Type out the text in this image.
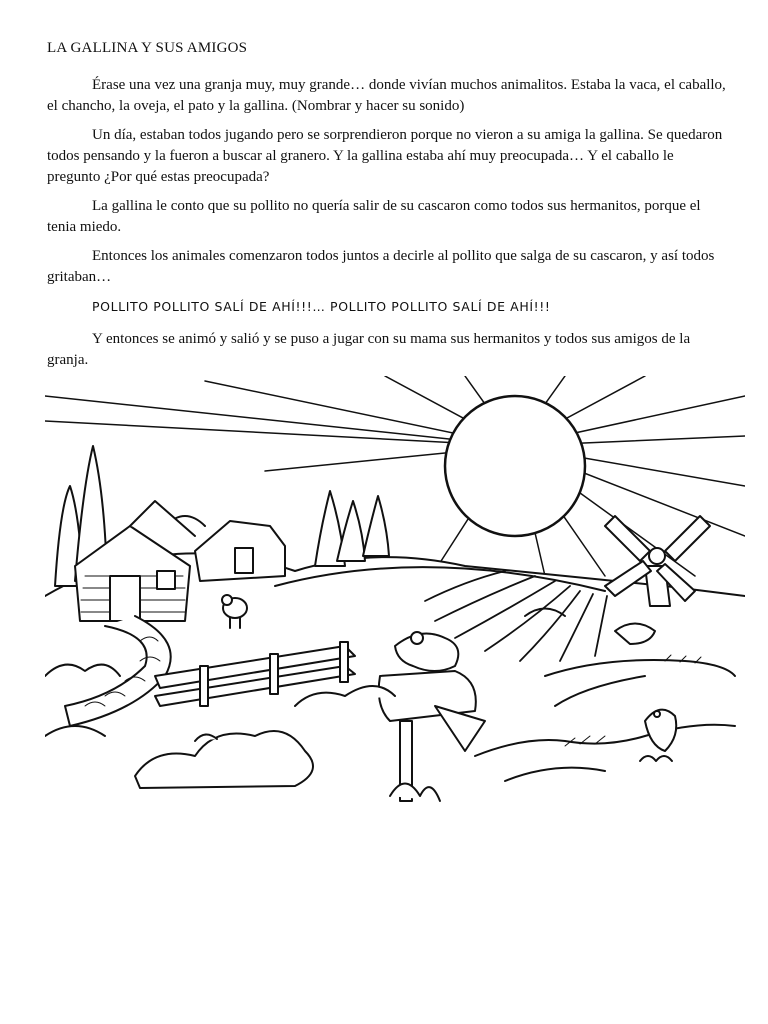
LA GALLINA Y SUS AMIGOS

Érase una vez una granja muy, muy grande… donde vivían muchos animalitos. Estaba la vaca, el caballo, el chancho, la oveja, el pato y la gallina. (Nombrar y hacer su sonido)

Un día, estaban todos jugando pero se sorprendieron porque no vieron a su amiga la gallina. Se quedaron todos pensando y la fueron a buscar al granero. Y la gallina estaba ahí muy preocupada… Y el caballo le pregunto ¿Por qué estas preocupada?

La gallina le conto que su pollito no quería salir de su cascaron como todos sus hermanitos, porque el tenia miedo.

Entonces los animales comenzaron todos juntos a decirle al pollito que salga de su cascaron, y así todos gritaban…

POLLITO POLLITO SALÍ DE AHÍ!!!… POLLITO POLLITO SALÍ DE AHÍ!!!

Y entonces se animó y salió y se puso a jugar con su mama sus hermanitos y todos sus amigos de la granja.
